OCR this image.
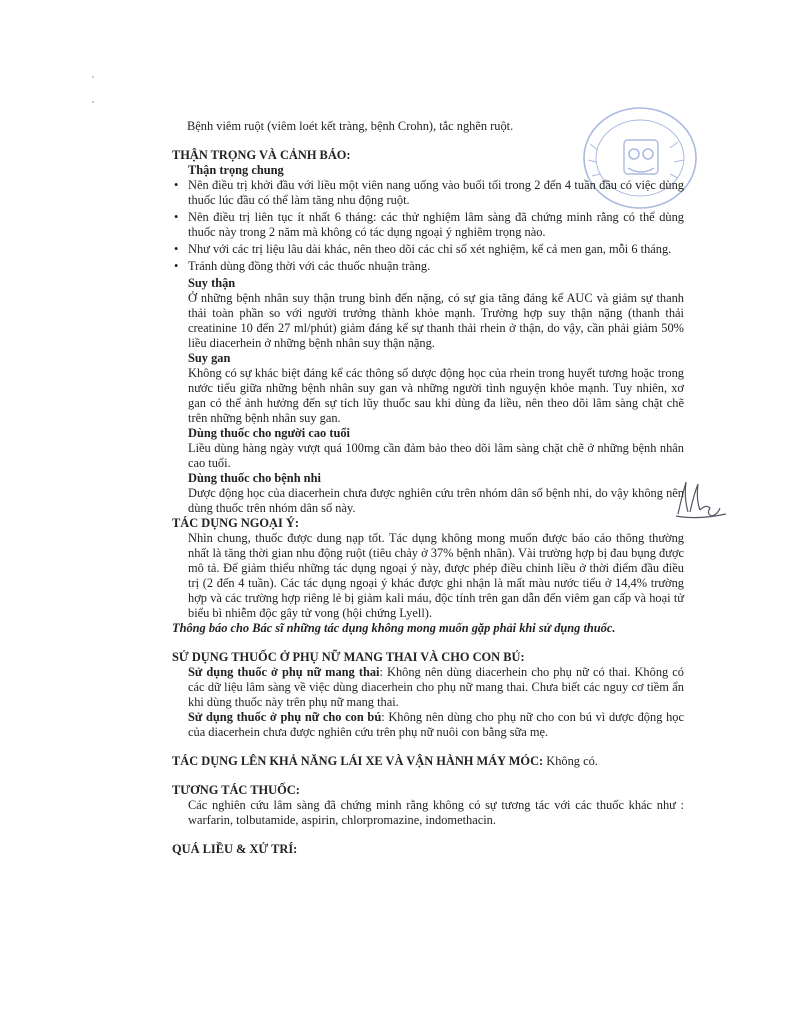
Bệnh viêm ruột (viêm loét kết tràng, bệnh Crohn), tắc nghẽn ruột.
THẬN TRỌNG VÀ CẢNH BÁO:
Thận trọng chung
• Nên điều trị khởi đầu với liều một viên nang uống vào buổi tối trong 2 đến 4 tuần đầu có việc dùng thuốc lúc đầu có thể làm tăng nhu động ruột.
• Nên điều trị liên tục ít nhất 6 tháng: các thử nghiệm lâm sàng đã chứng minh rằng có thể dùng thuốc này trong 2 năm mà không có tác dụng ngoại ý nghiêm trọng nào.
• Như với các trị liệu lâu dài khác, nên theo dõi các chỉ số xét nghiệm, kể cả men gan, mỗi 6 tháng.
• Tránh dùng đồng thời với các thuốc nhuận tràng.
Suy thận
Ở những bệnh nhân suy thận trung bình đến nặng, có sự gia tăng đáng kể AUC và giảm sự thanh thải toàn phần so với người trưởng thành khỏe mạnh. Trường hợp suy thận nặng (thanh thải creatinine 10 đến 27 ml/phút) giảm đáng kể sự thanh thải rhein ở thận, do vậy, cần phải giảm 50% liều diacerhein ở những bệnh nhân suy thận nặng.
Suy gan
Không có sự khác biệt đáng kể các thông số dược động học của rhein trong huyết tương hoặc trong nước tiểu giữa những bệnh nhân suy gan và những người tình nguyện khỏe mạnh. Tuy nhiên, xơ gan có thể ảnh hưởng đến sự tích lũy thuốc sau khi dùng đa liều, nên theo dõi lâm sàng chặt chẽ trên những bệnh nhân suy gan.
Dùng thuốc cho người cao tuổi
Liều dùng hàng ngày vượt quá 100mg cần đảm bảo theo dõi lâm sàng chặt chẽ ở những bệnh nhân cao tuổi.
Dùng thuốc cho bệnh nhi
Dược động học của diacerhein chưa được nghiên cứu trên nhóm dân số bệnh nhi, do vậy không nên dùng thuốc trên nhóm dân số này.
TÁC DỤNG NGOẠI Ý:
Nhìn chung, thuốc được dung nạp tốt. Tác dụng không mong muốn được báo cáo thông thường nhất là tăng thời gian nhu động ruột (tiêu chảy ở 37% bệnh nhân). Vài trường hợp bị đau bụng được mô tả. Để giảm thiểu những tác dụng ngoại ý này, được phép điều chỉnh liều ở thời điểm đầu điều trị (2 đến 4 tuần). Các tác dụng ngoại ý khác được ghi nhận là mất màu nước tiểu ở 14,4% trường hợp và các trường hợp riêng lẻ bị giảm kali máu, độc tính trên gan dẫn đến viêm gan cấp và hoại tử biểu bì nhiễm độc gây tử vong (hội chứng Lyell).
Thông báo cho Bác sĩ những tác dụng không mong muốn gặp phải khi sử dụng thuốc.
SỬ DỤNG THUỐC Ở PHỤ NỮ MANG THAI VÀ CHO CON BÚ:
Sử dụng thuốc ở phụ nữ mang thai: Không nên dùng diacerhein cho phụ nữ có thai. Không có các dữ liệu lâm sàng về việc dùng diacerhein cho phụ nữ mang thai. Chưa biết các nguy cơ tiềm ẩn khi dùng thuốc này trên phụ nữ mang thai.
Sử dụng thuốc ở phụ nữ cho con bú: Không nên dùng cho phụ nữ cho con bú vì dược động học của diacerhein chưa được nghiên cứu trên phụ nữ nuôi con bằng sữa mẹ.
TÁC DỤNG LÊN KHẢ NĂNG LÁI XE VÀ VẬN HÀNH MÁY MÓC: Không có.
TƯƠNG TÁC THUỐC:
Các nghiên cứu lâm sàng đã chứng minh rằng không có sự tương tác với các thuốc khác như : warfarin, tolbutamide, aspirin, chlorpromazine, indomethacin.
QUÁ LIỀU & XỬ TRÍ:
